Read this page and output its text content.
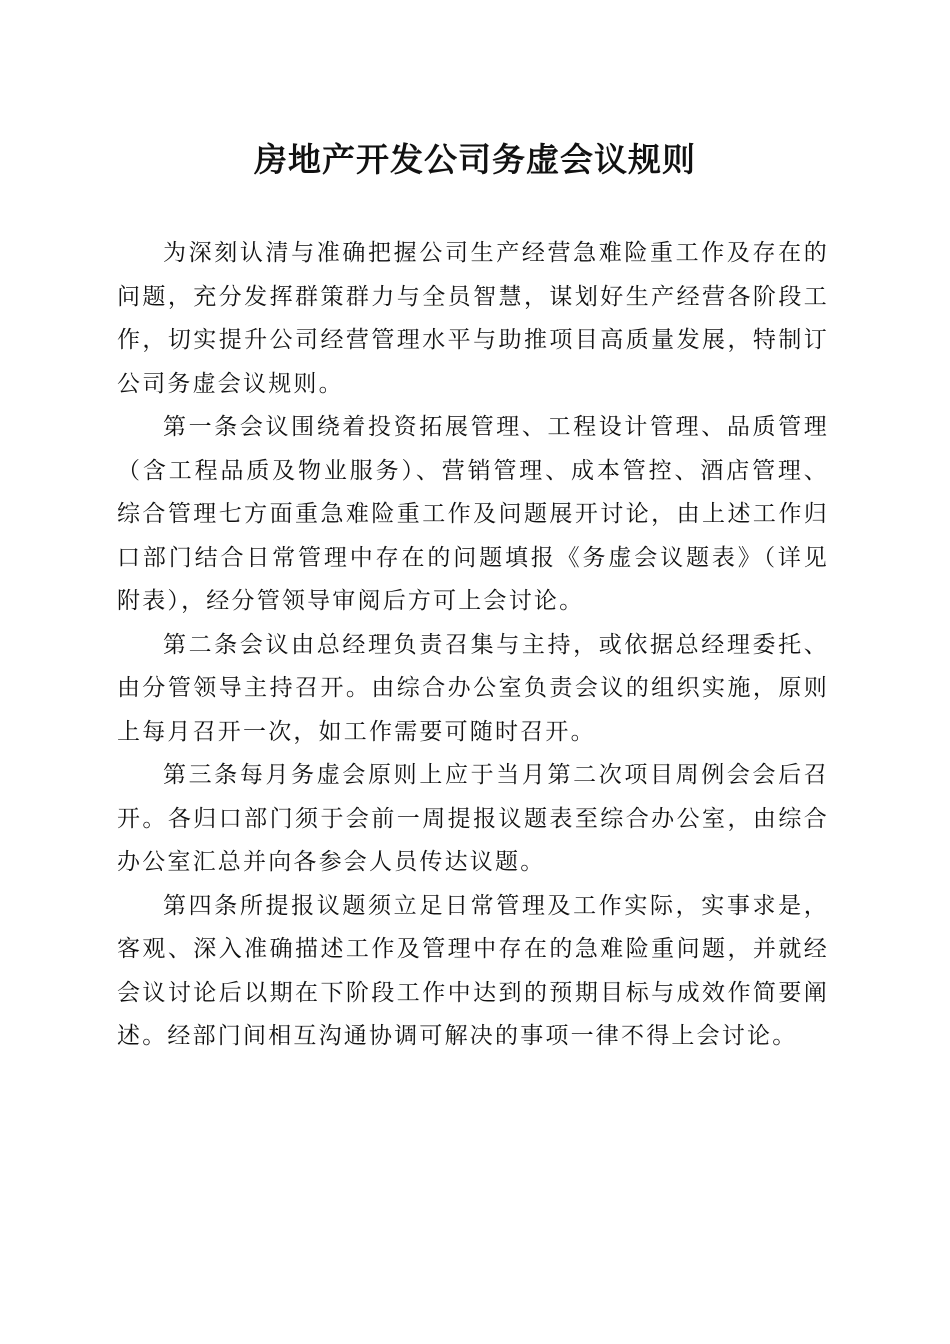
房地产开发公司务虚会议规则

为深刻认清与准确把握公司生产经营急难险重工作及存在的问题，充分发挥群策群力与全员智慧，谋划好生产经营各阶段工作，切实提升公司经营管理水平与助推项目高质量发展，特制订公司务虚会议规则。

第一条会议围绕着投资拓展管理、工程设计管理、品质管理（含工程品质及物业服务）、营销管理、成本管控、酒店管理、综合管理七方面重急难险重工作及问题展开讨论，由上述工作归口部门结合日常管理中存在的问题填报《务虚会议题表》（详见附表），经分管领导审阅后方可上会讨论。

第二条会议由总经理负责召集与主持，或依据总经理委托、由分管领导主持召开。由综合办公室负责会议的组织实施，原则上每月召开一次，如工作需要可随时召开。

第三条每月务虚会原则上应于当月第二次项目周例会会后召开。各归口部门须于会前一周提报议题表至综合办公室，由综合办公室汇总并向各参会人员传达议题。

第四条所提报议题须立足日常管理及工作实际，实事求是，客观、深入准确描述工作及管理中存在的急难险重问题，并就经会议讨论后以期在下阶段工作中达到的预期目标与成效作简要阐述。经部门间相互沟通协调可解决的事项一律不得上会讨论。
